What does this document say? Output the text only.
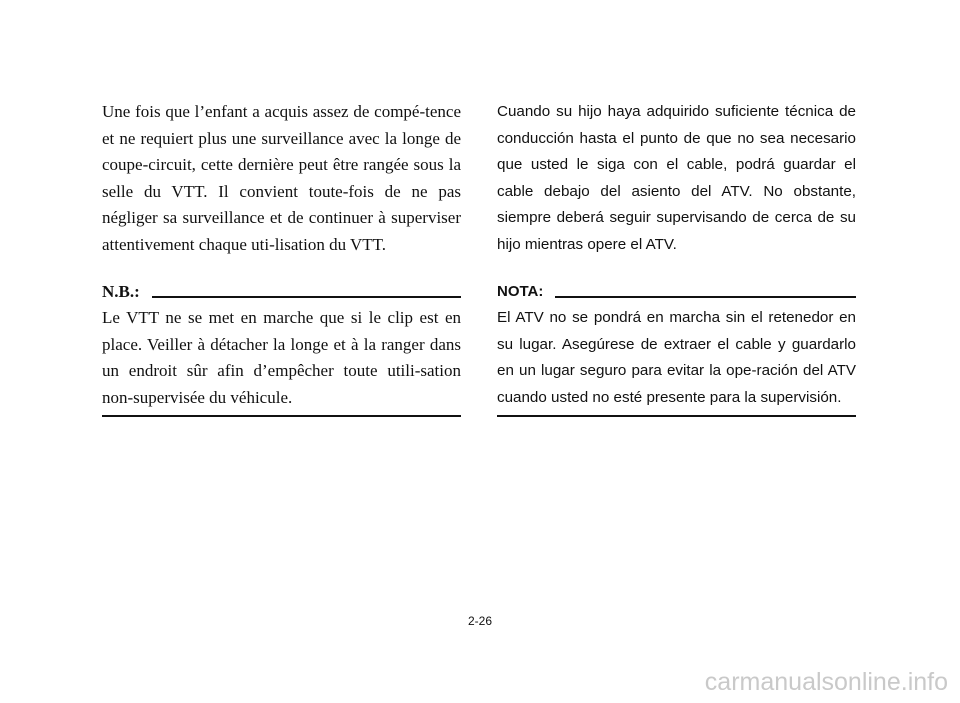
Une fois que l’enfant a acquis assez de compé-tence et ne requiert plus une surveillance avec la longe de coupe-circuit, cette dernière peut être rangée sous la selle du VTT. Il convient toute-fois de ne pas négliger sa surveillance et de continuer à superviser attentivement chaque uti-lisation du VTT.

N.B.:

Le VTT ne se met en marche que si le clip est en place. Veiller à détacher la longe et à la ranger dans un endroit sûr afin d’empêcher toute utili-sation non-supervisée du véhicule.

Cuando su hijo haya adquirido suficiente técnica de conducción hasta el punto de que no sea necesario que usted le siga con el cable, podrá guardar el cable debajo del asiento del ATV. No obstante, siempre deberá seguir supervisando de cerca de su hijo mientras opere el ATV.

NOTA:

El ATV no se pondrá en marcha sin el retenedor en su lugar. Asegúrese de extraer el cable y guardarlo en un lugar seguro para evitar la ope-ración del ATV cuando usted no esté presente para la supervisión.

2-26
carmanualsonline.info
